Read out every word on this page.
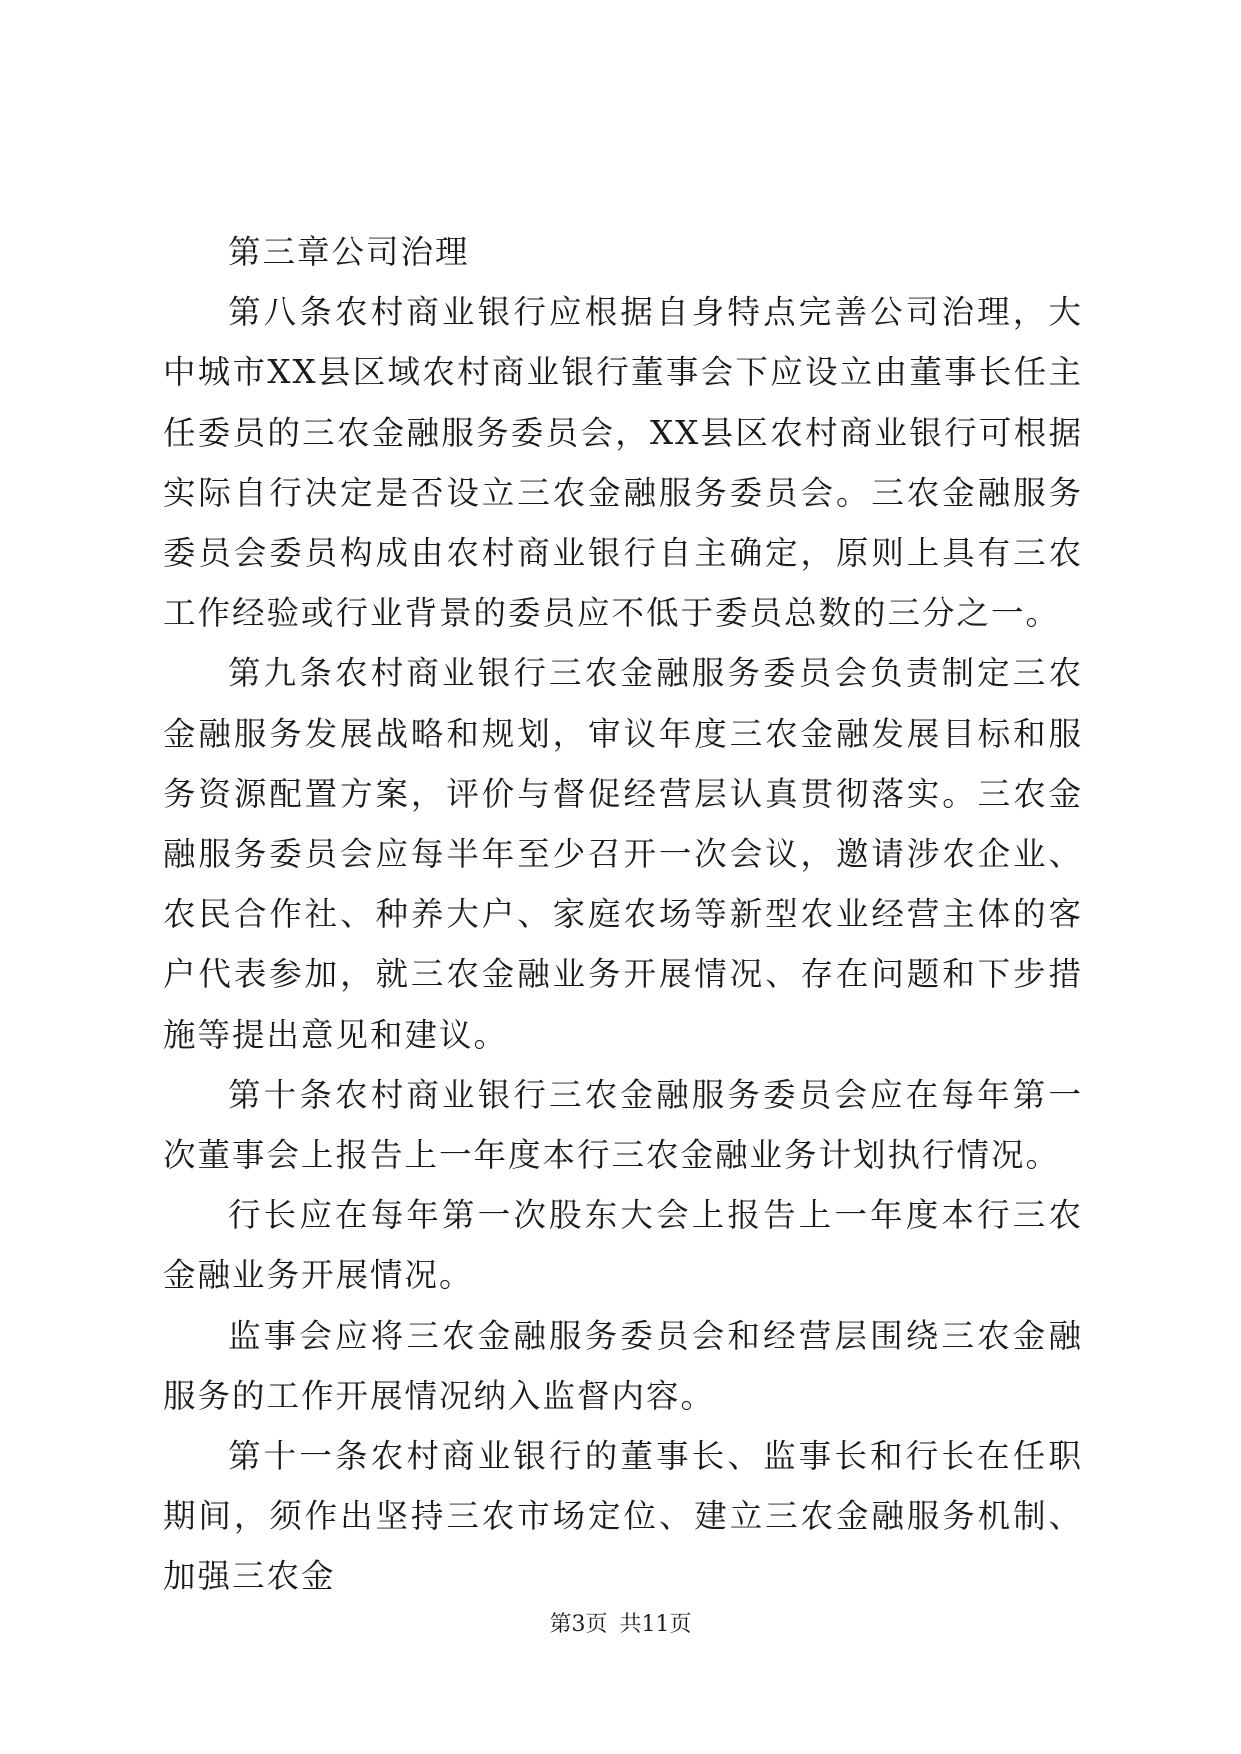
第三章公司治理

第八条农村商业银行应根据自身特点完善公司治理，大中城市XX县区域农村商业银行董事会下应设立由董事长任主任委员的三农金融服务委员会，XX县区农村商业银行可根据实际自行决定是否设立三农金融服务委员会。三农金融服务委员会委员构成由农村商业银行自主确定，原则上具有三农工作经验或行业背景的委员应不低于委员总数的三分之一。

第九条农村商业银行三农金融服务委员会负责制定三农金融服务发展战略和规划，审议年度三农金融发展目标和服务资源配置方案，评价与督促经营层认真贯彻落实。三农金融服务委员会应每半年至少召开一次会议，邀请涉农企业、农民合作社、种养大户、家庭农场等新型农业经营主体的客户代表参加，就三农金融业务开展情况、存在问题和下步措施等提出意见和建议。

第十条农村商业银行三农金融服务委员会应在每年第一次董事会上报告上一年度本行三农金融业务计划执行情况。

行长应在每年第一次股东大会上报告上一年度本行三农金融业务开展情况。

监事会应将三农金融服务委员会和经营层围绕三农金融服务的工作开展情况纳入监督内容。

第十一条农村商业银行的董事长、监事长和行长在任职期间，须作出坚持三农市场定位、建立三农金融服务机制、加强三农金

第3页 共11页
